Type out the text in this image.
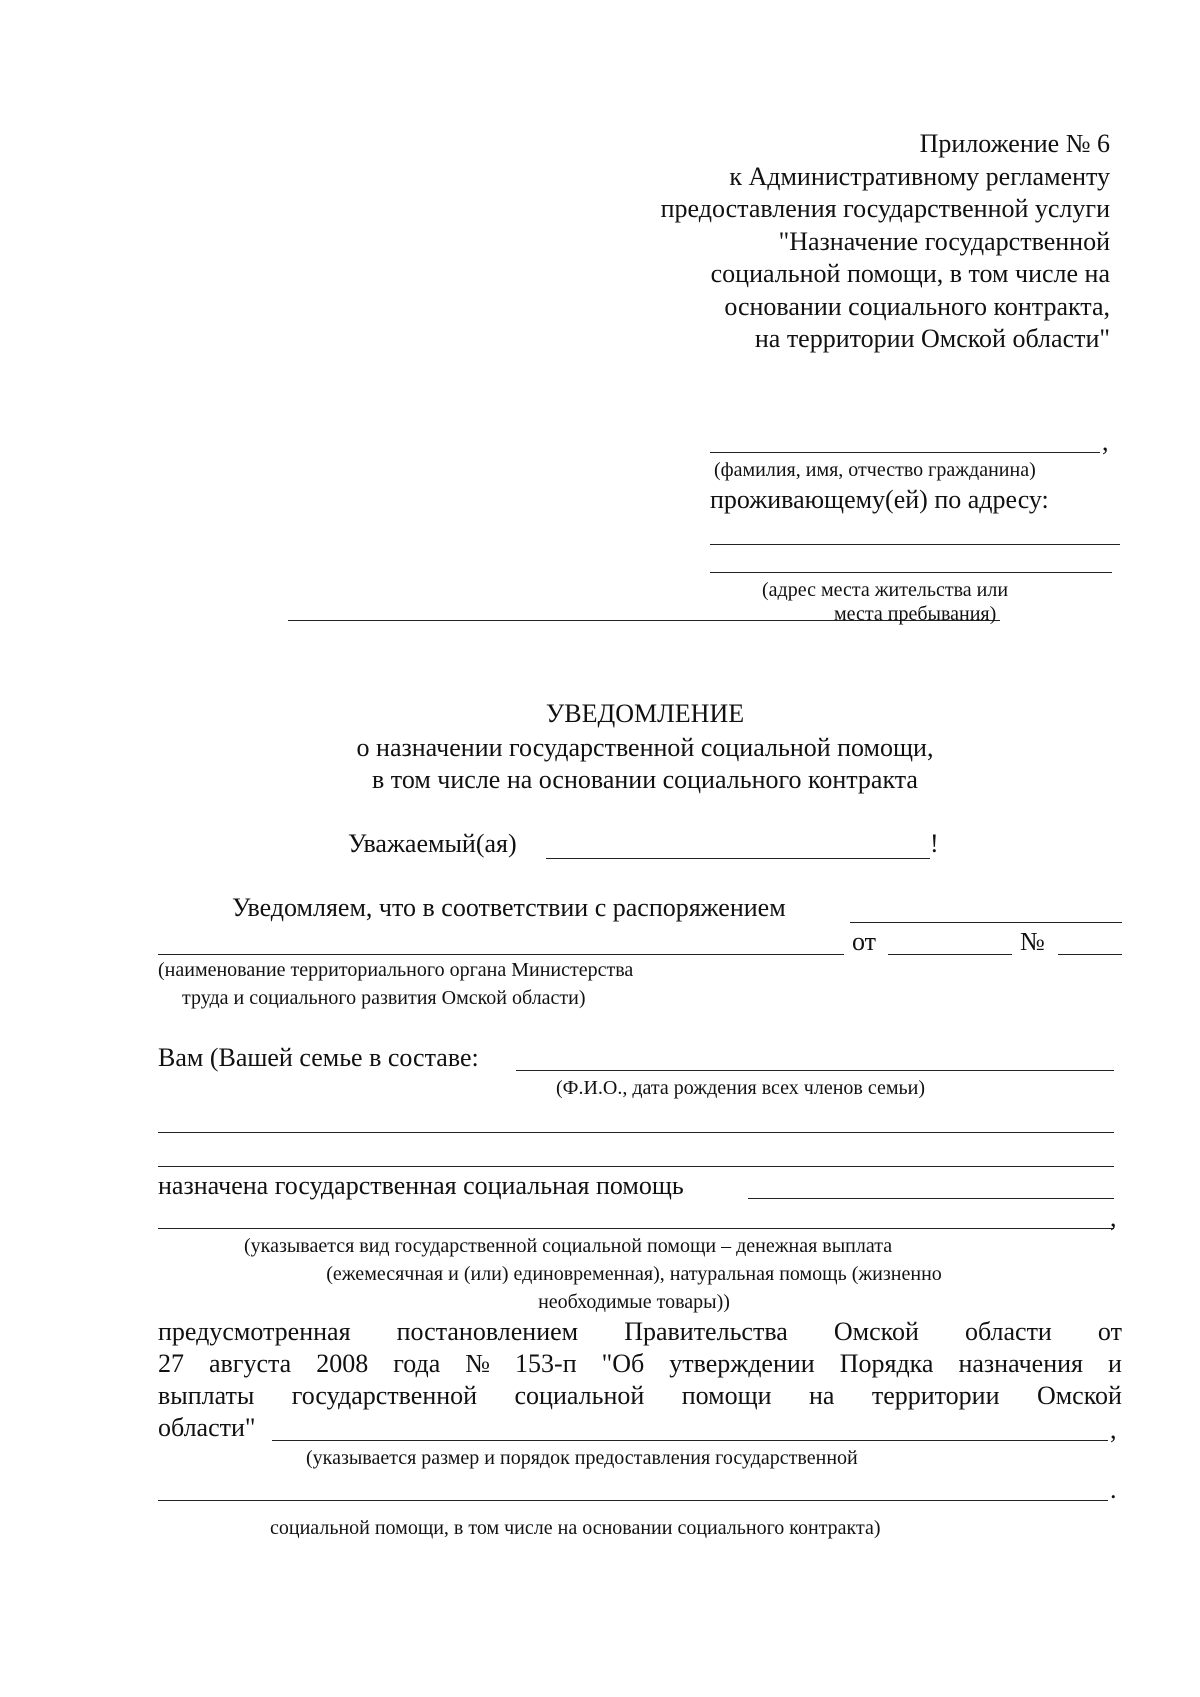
Приложение № 6
к Административному регламенту
предоставления государственной услуги
"Назначение государственной
социальной помощи, в том числе на
основании социального контракта,
на территории Омской области"
,
(фамилия, имя, отчество гражданина)
проживающему(ей) по адресу:
(адрес места жительства или
места пребывания)
УВЕДОМЛЕНИЕ
о назначении государственной социальной помощи,
в том числе на основании социального контракта
Уважаемый(ая)	!
Уведомляем, что в соответствии с распоряжением
от	№
(наименование территориального органа Министерства
труда и социального развития Омской области)
Вам (Вашей семье в составе:
(Ф.И.О., дата рождения всех членов семьи)
назначена государственная социальная помощь
,
(указывается вид государственной социальной помощи – денежная выплата
(ежемесячная и (или) единовременная), натуральная помощь (жизненно
необходимые товары))
предусмотренная постановлением Правительства Омской области от
27 августа 2008 года № 153-п "Об утверждении Порядка назначения и
выплаты государственной социальной помощи на территории Омской
области"	,
(указывается размер и порядок предоставления государственной
.
социальной помощи, в том числе на основании социального контракта)
